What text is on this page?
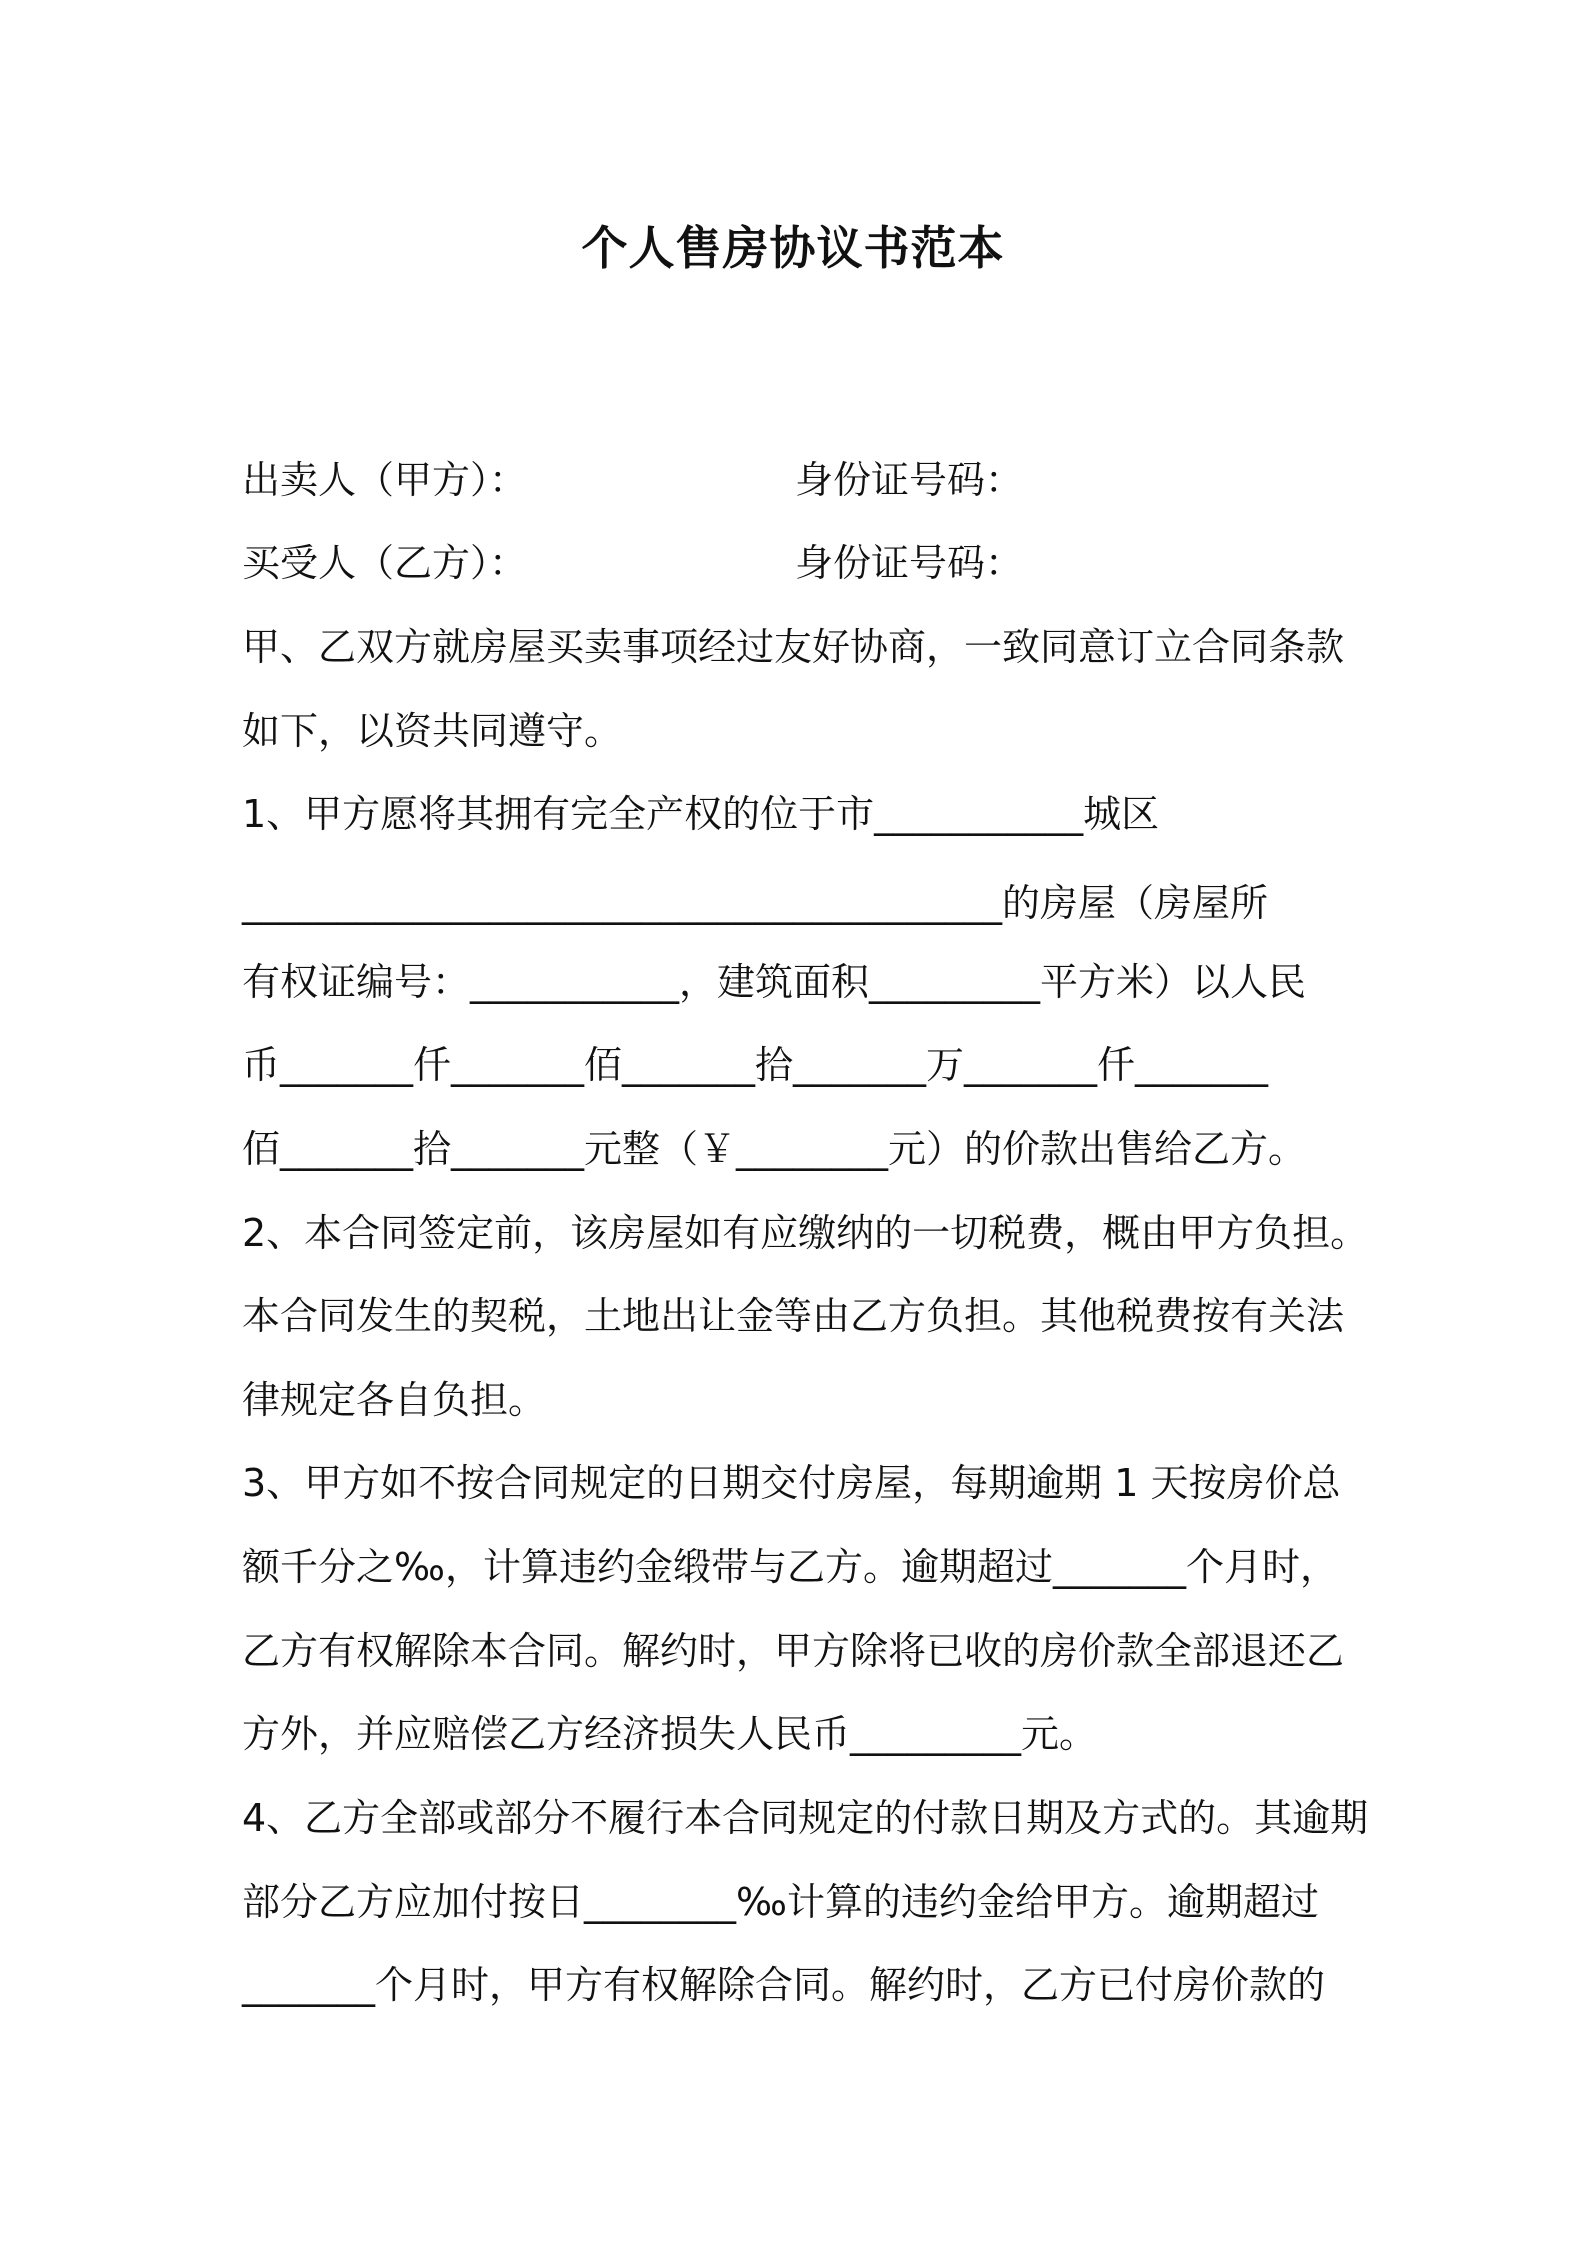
个人售房协议书范本
出卖人（甲方）：	身份证号码：
买受人（乙方）：	身份证号码：
甲、乙双方就房屋买卖事项经过友好协商，一致同意订立合同条款
如下，以资共同遵守。
1、甲方愿将其拥有完全产权的位于市___________城区
________________________________________的房屋（房屋所
有权证编号：___________，建筑面积_________平方米）以人民
币_______仟_______佰_______拾_______万_______仟_______
佰_______拾_______元整（￥________元）的价款出售给乙方。
2、本合同签定前，该房屋如有应缴纳的一切税费，概由甲方负担。
本合同发生的契税，土地出让金等由乙方负担。其他税费按有关法
律规定各自负担。
3、甲方如不按合同规定的日期交付房屋，每期逾期 1 天按房价总
额千分之‰，计算违约金缎带与乙方。逾期超过_______个月时，
乙方有权解除本合同。解约时，甲方除将已收的房价款全部退还乙
方外，并应赔偿乙方经济损失人民币_________元。
4、乙方全部或部分不履行本合同规定的付款日期及方式的。其逾期
部分乙方应加付按日________‰计算的违约金给甲方。逾期超过
_______个月时，甲方有权解除合同。解约时，乙方已付房价款的
